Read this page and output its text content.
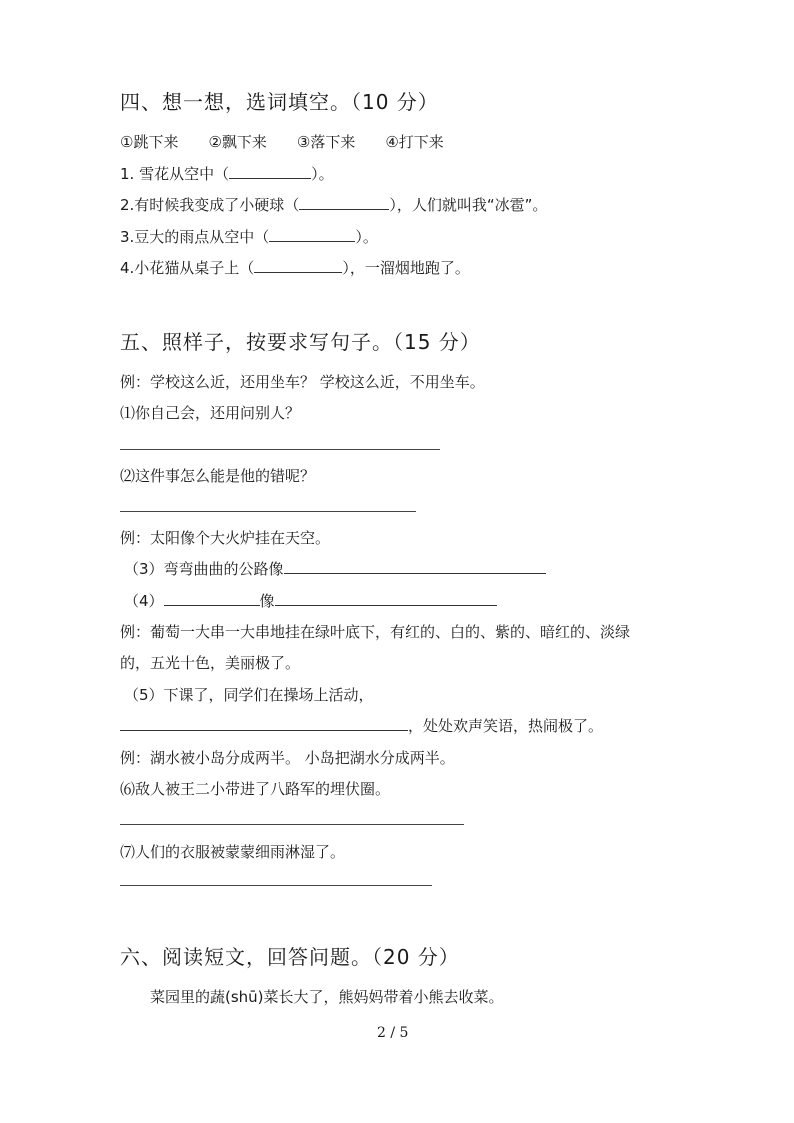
四、想一想，选词填空。（10 分）
①跳下来　　②飘下来　　③落下来　　④打下来
1. 雪花从空中（	）。
2.有时候我变成了小硬球（	），人们就叫我“冰雹”。
3.豆大的雨点从空中（	）。
4.小花猫从桌子上（	），一溜烟地跑了。
五、照样子，按要求写句子。（15 分）
例：学校这么近，还用坐车？ 学校这么近，不用坐车。
⑴你自己会，还用问别人？
⑵这件事怎么能是他的错呢？
例：太阳像个大火炉挂在天空。
（3）弯弯曲曲的公路像
（4）	像
例：葡萄一大串一大串地挂在绿叶底下，有红的、白的、紫的、暗红的、淡绿
的，五光十色，美丽极了。
（5）下课了，同学们在操场上活动，
，处处欢声笑语，热闹极了。
例：湖水被小岛分成两半。 小岛把湖水分成两半。
⑹敌人被王二小带进了八路军的埋伏圈。
⑺人们的衣服被蒙蒙细雨淋湿了。
六、阅读短文，回答问题。（20 分）
菜园里的蔬(shū)菜长大了，熊妈妈带着小熊去收菜。
2 / 5
